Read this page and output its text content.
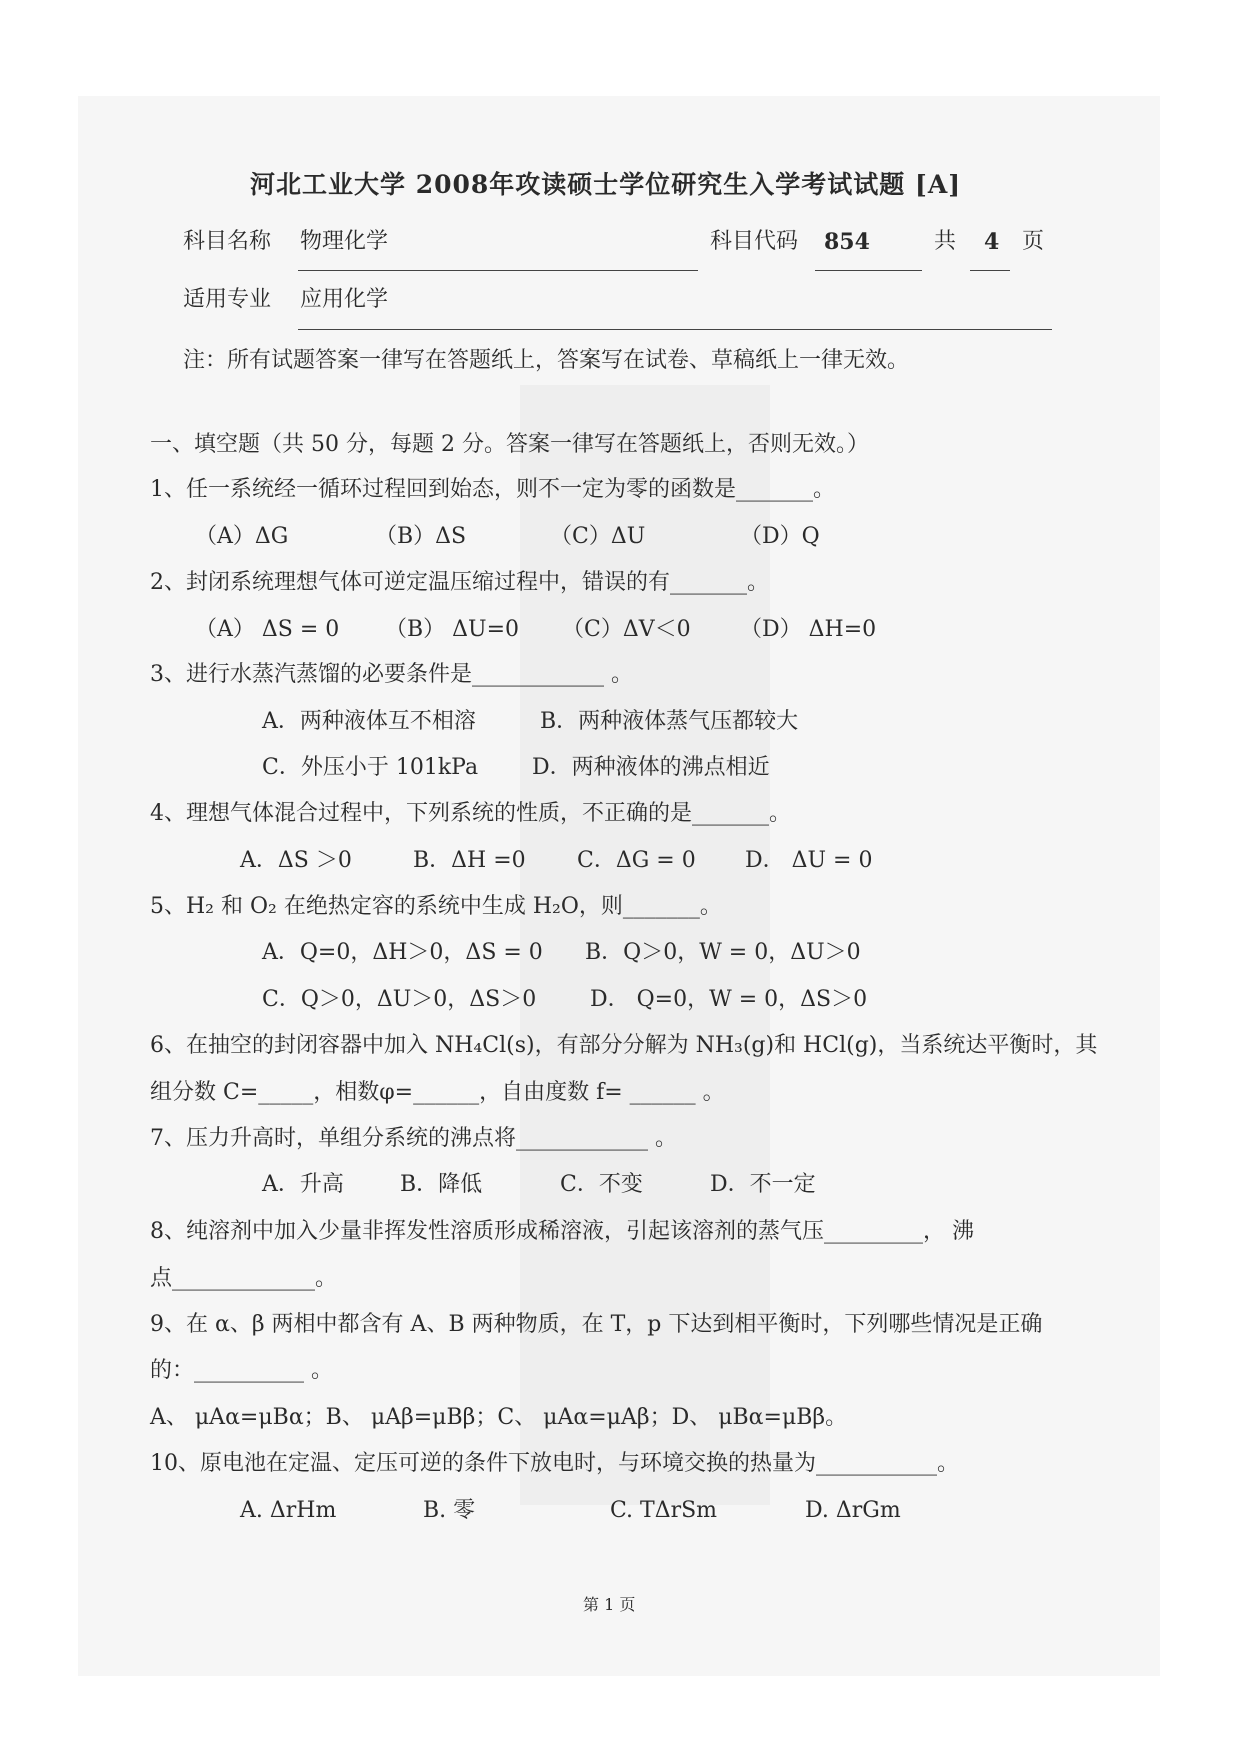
河北工业大学 2008年攻读硕士学位研究生入学考试试题 [A]
科目名称 物理化学	科目代码 854	共 4 页
适用专业 应用化学
注：所有试题答案一律写在答题纸上，答案写在试卷、草稿纸上一律无效。
一、填空题（共 50 分，每题 2 分。答案一律写在答题纸上，否则无效。）
1、任一系统经一循环过程回到始态，则不一定为零的函数是_______。
（A）ΔG	（B）ΔS	（C）ΔU	（D）Q
2、封闭系统理想气体可逆定温压缩过程中，错误的有_______。
（A） ΔS = 0 （B） ΔU=0 （C）ΔV＜0 （D） ΔH=0
3、进行水蒸汽蒸馏的必要条件是____________ 。
A．两种液体互不相溶	B．两种液体蒸气压都较大
C．外压小于 101kPa D．两种液体的沸点相近
4、理想气体混合过程中，下列系统的性质，不正确的是_______。
A．ΔS ＞0	B．ΔH =0 C．ΔG = 0 D． ΔU = 0
5、H₂ 和 O₂ 在绝热定容的系统中生成 H₂O，则_______。
A．Q=0，ΔH＞0，ΔS = 0 B．Q＞0，W = 0，ΔU＞0
C．Q＞0，ΔU＞0，ΔS＞0 D． Q=0，W = 0，ΔS＞0
6、在抽空的封闭容器中加入 NH₄Cl(s)，有部分分解为 NH₃(g)和 HCl(g)，当系统达平衡时，其
组分数 C=_____，相数φ=______，自由度数 f= ______ 。
7、压力升高时，单组分系统的沸点将____________ 。
A．升高	B．降低	C．不变	D．不一定
8、纯溶剂中加入少量非挥发性溶质形成稀溶液，引起该溶剂的蒸气压_________， 沸
点_____________。
9、在 α、β 两相中都含有 A、B 两种物质，在 T，p 下达到相平衡时，下列哪些情况是正确
的：__________ 。
A、 μAα=μBα；B、 μAβ=μBβ；C、 μAα=μAβ；D、 μBα=μBβ。
10、原电池在定温、定压可逆的条件下放电时，与环境交换的热量为___________。
A. ΔrHm	B. 零	C. TΔrSm	D. ΔrGm
第 1 页
